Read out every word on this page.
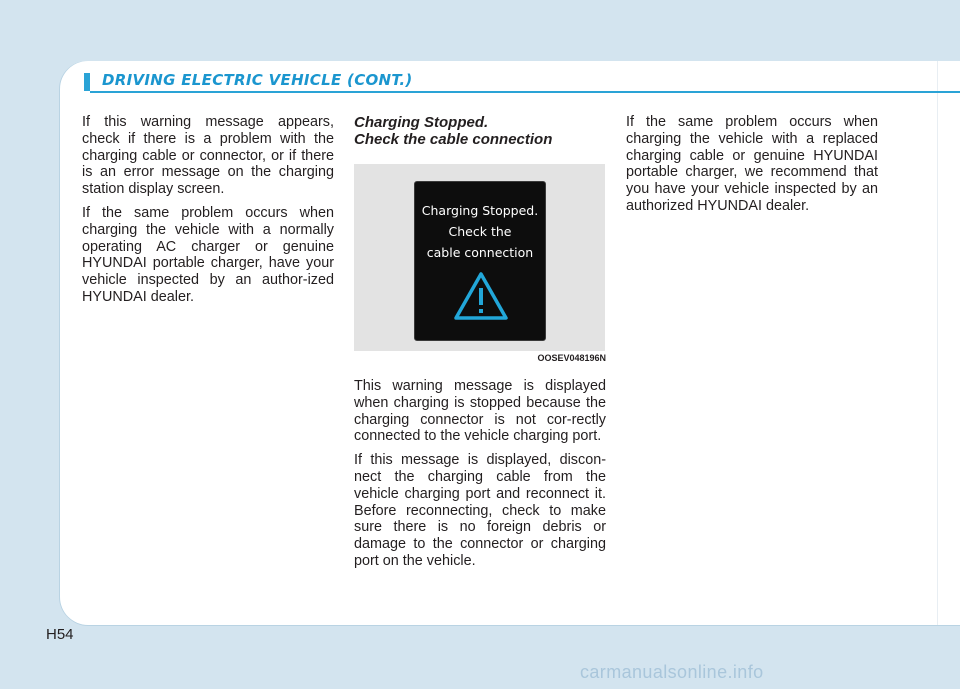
DRIVING ELECTRIC VEHICLE (CONT.)

If this warning message appears, check if there is a problem with the charging cable or connector, or if there is an error message on the charging station display screen.

If the same problem occurs when charging the vehicle with a normally operating AC charger or genuine HYUNDAI portable charger, have your vehicle inspected by an author-ized HYUNDAI dealer.

Charging Stopped.
Check the cable connection
Charging Stopped.
Check the
cable connection
OOSEV048196N

This warning message is displayed when charging is stopped because the charging connector is not cor-rectly connected to the vehicle charging port.

If this message is displayed, discon-nect the charging cable from the vehicle charging port and reconnect it. Before reconnecting, check to make sure there is no foreign debris or damage to the connector or charging port on the vehicle.

If the same problem occurs when charging the vehicle with a replaced charging cable or genuine HYUNDAI portable charger, we recommend that you have your vehicle inspected by an authorized HYUNDAI dealer.

H54
carmanualsonline.info
